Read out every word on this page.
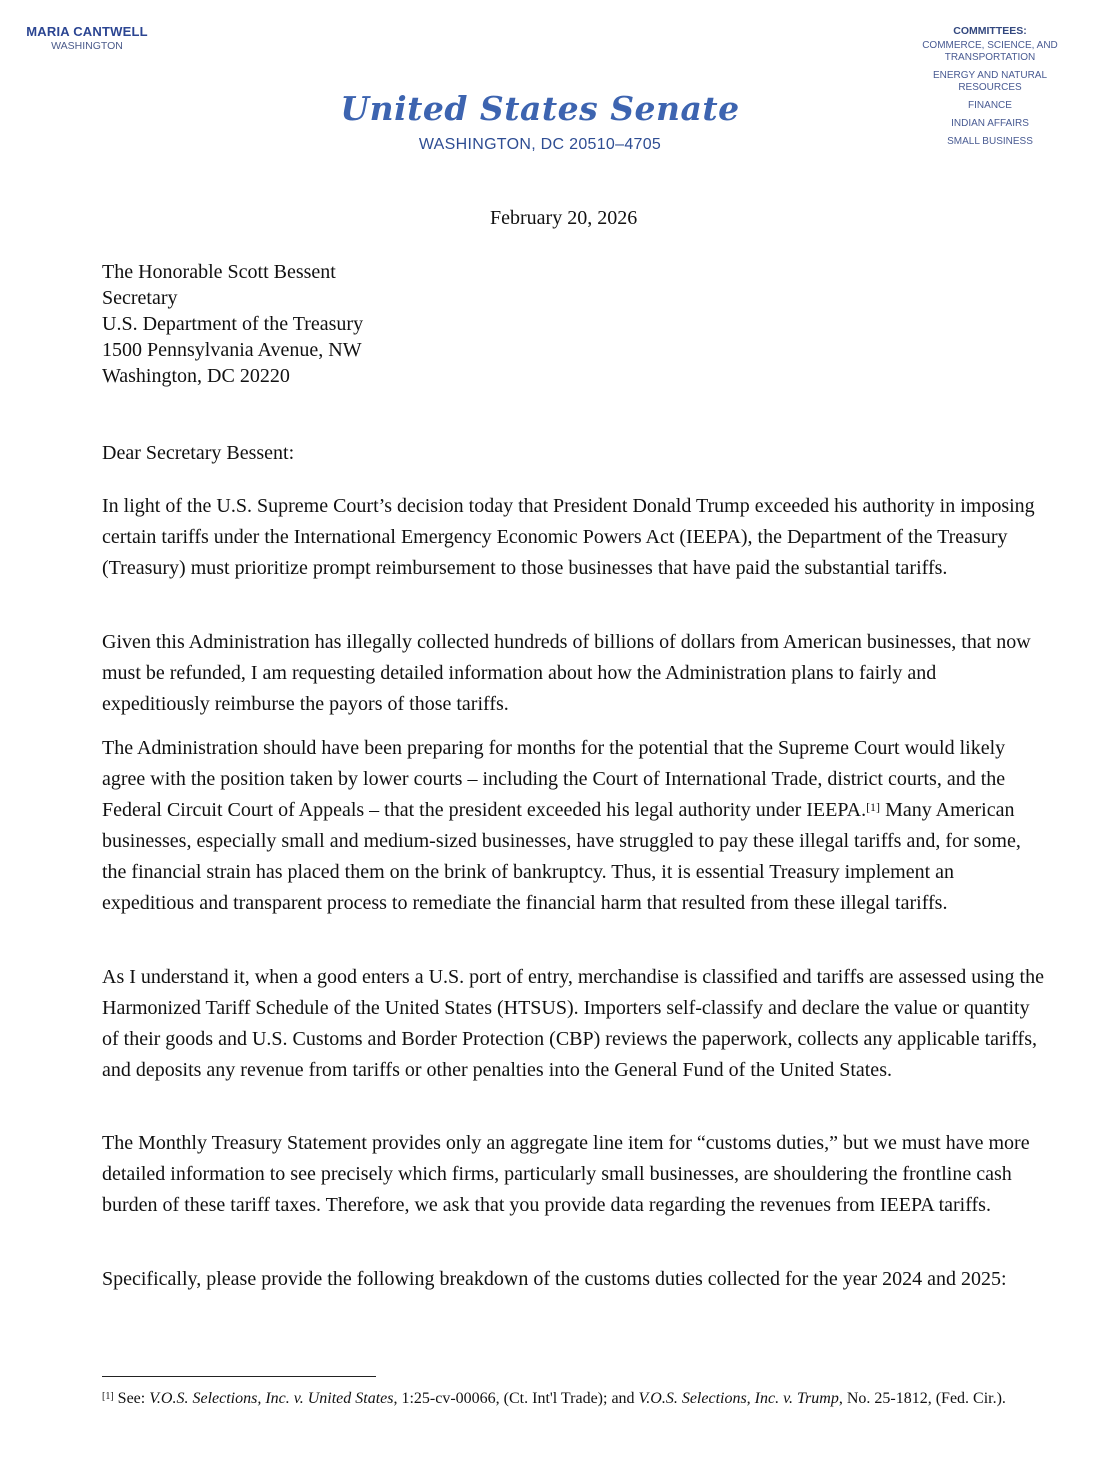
MARIA CANTWELL
WASHINGTON
United States Senate
WASHINGTON, DC 20510–4705
COMMITTEES:
COMMERCE, SCIENCE, AND TRANSPORTATION
ENERGY AND NATURAL RESOURCES
FINANCE
INDIAN AFFAIRS
SMALL BUSINESS
February 20, 2026
The Honorable Scott Bessent
Secretary
U.S. Department of the Treasury
1500 Pennsylvania Avenue, NW
Washington, DC 20220
Dear Secretary Bessent:

In light of the U.S. Supreme Court’s decision today that President Donald Trump exceeded his authority in imposing certain tariffs under the International Emergency Economic Powers Act (IEEPA), the Department of the Treasury (Treasury) must prioritize prompt reimbursement to those businesses that have paid the substantial tariffs.

Given this Administration has illegally collected hundreds of billions of dollars from American businesses, that now must be refunded, I am requesting detailed information about how the Administration plans to fairly and expeditiously reimburse the payors of those tariffs.

The Administration should have been preparing for months for the potential that the Supreme Court would likely agree with the position taken by lower courts – including the Court of International Trade, district courts, and the Federal Circuit Court of Appeals – that the president exceeded his legal authority under IEEPA.[1] Many American businesses, especially small and medium-sized businesses, have struggled to pay these illegal tariffs and, for some, the financial strain has placed them on the brink of bankruptcy. Thus, it is essential Treasury implement an expeditious and transparent process to remediate the financial harm that resulted from these illegal tariffs.

As I understand it, when a good enters a U.S. port of entry, merchandise is classified and tariffs are assessed using the Harmonized Tariff Schedule of the United States (HTSUS). Importers self-classify and declare the value or quantity of their goods and U.S. Customs and Border Protection (CBP) reviews the paperwork, collects any applicable tariffs, and deposits any revenue from tariffs or other penalties into the General Fund of the United States.

The Monthly Treasury Statement provides only an aggregate line item for “customs duties,” but we must have more detailed information to see precisely which firms, particularly small businesses, are shouldering the frontline cash burden of these tariff taxes. Therefore, we ask that you provide data regarding the revenues from IEEPA tariffs.

Specifically, please provide the following breakdown of the customs duties collected for the year 2024 and 2025:

[1] See: V.O.S. Selections, Inc. v. United States, 1:25-cv-00066, (Ct. Int'l Trade); and V.O.S. Selections, Inc. v. Trump, No. 25-1812, (Fed. Cir.).
